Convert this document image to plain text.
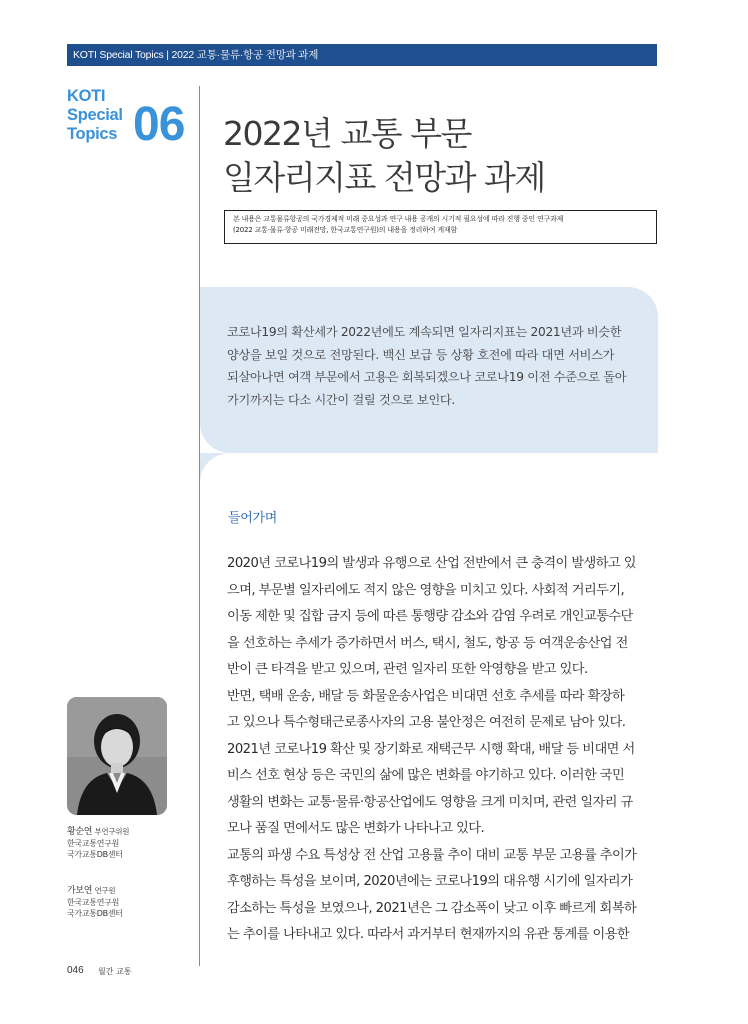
KOTI Special Topics | 2022 교통·물류·항공 전망과 과제
KOTI
Special
Topics 06 2022년 교통 부문
일자리지표 전망과 과제
본 내용은 교통물류항공의 국가경제적 미래 중요성과 연구 내용 공개의 시기적 필요성에 따라 진행 중인 연구과제
(2022 교통·물류·항공 미래전망, 한국교통연구원)의 내용을 정리하여 게재함
코로나19의 확산세가 2022년에도 계속되면 일자리지표는 2021년과 비슷한
양상을 보일 것으로 전망된다. 백신 보급 등 상황 호전에 따라 대면 서비스가
되살아나면 여객 부문에서 고용은 회복되겠으나 코로나19 이전 수준으로 돌아
가기까지는 다소 시간이 걸릴 것으로 보인다.
들어가며
2020년 코로나19의 발생과 유행으로 산업 전반에서 큰 충격이 발생하고 있
으며, 부문별 일자리에도 적지 않은 영향을 미치고 있다. 사회적 거리두기,
이동 제한 및 집합 금지 등에 따른 통행량 감소와 감염 우려로 개인교통수단
을 선호하는 추세가 증가하면서 버스, 택시, 철도, 항공 등 여객운송산업 전
반이 큰 타격을 받고 있으며, 관련 일자리 또한 악영향을 받고 있다.
반면, 택배 운송, 배달 등 화물운송사업은 비대면 선호 추세를 따라 확장하
고 있으나 특수형태근로종사자의 고용 불안정은 여전히 문제로 남아 있다.
2021년 코로나19 확산 및 장기화로 재택근무 시행 확대, 배달 등 비대면 서
비스 선호 현상 등은 국민의 삶에 많은 변화를 야기하고 있다. 이러한 국민
생활의 변화는 교통·물류·항공산업에도 영향을 크게 미치며, 관련 일자리 규
모나 품질 면에서도 많은 변화가 나타나고 있다.
교통의 파생 수요 특성상 전 산업 고용률 추이 대비 교통 부문 고용률 추이가
후행하는 특성을 보이며, 2020년에는 코로나19의 대유행 시기에 일자리가
감소하는 특성을 보였으나, 2021년은 그 감소폭이 낮고 이후 빠르게 회복하
는 추이를 나타내고 있다. 따라서 과거부터 현재까지의 유관 통계를 이용한
황순연 부연구위원
한국교통연구원
국가교통DB센터
가보연 연구원
한국교통연구원
국가교통DB센터
046 월간 교통
